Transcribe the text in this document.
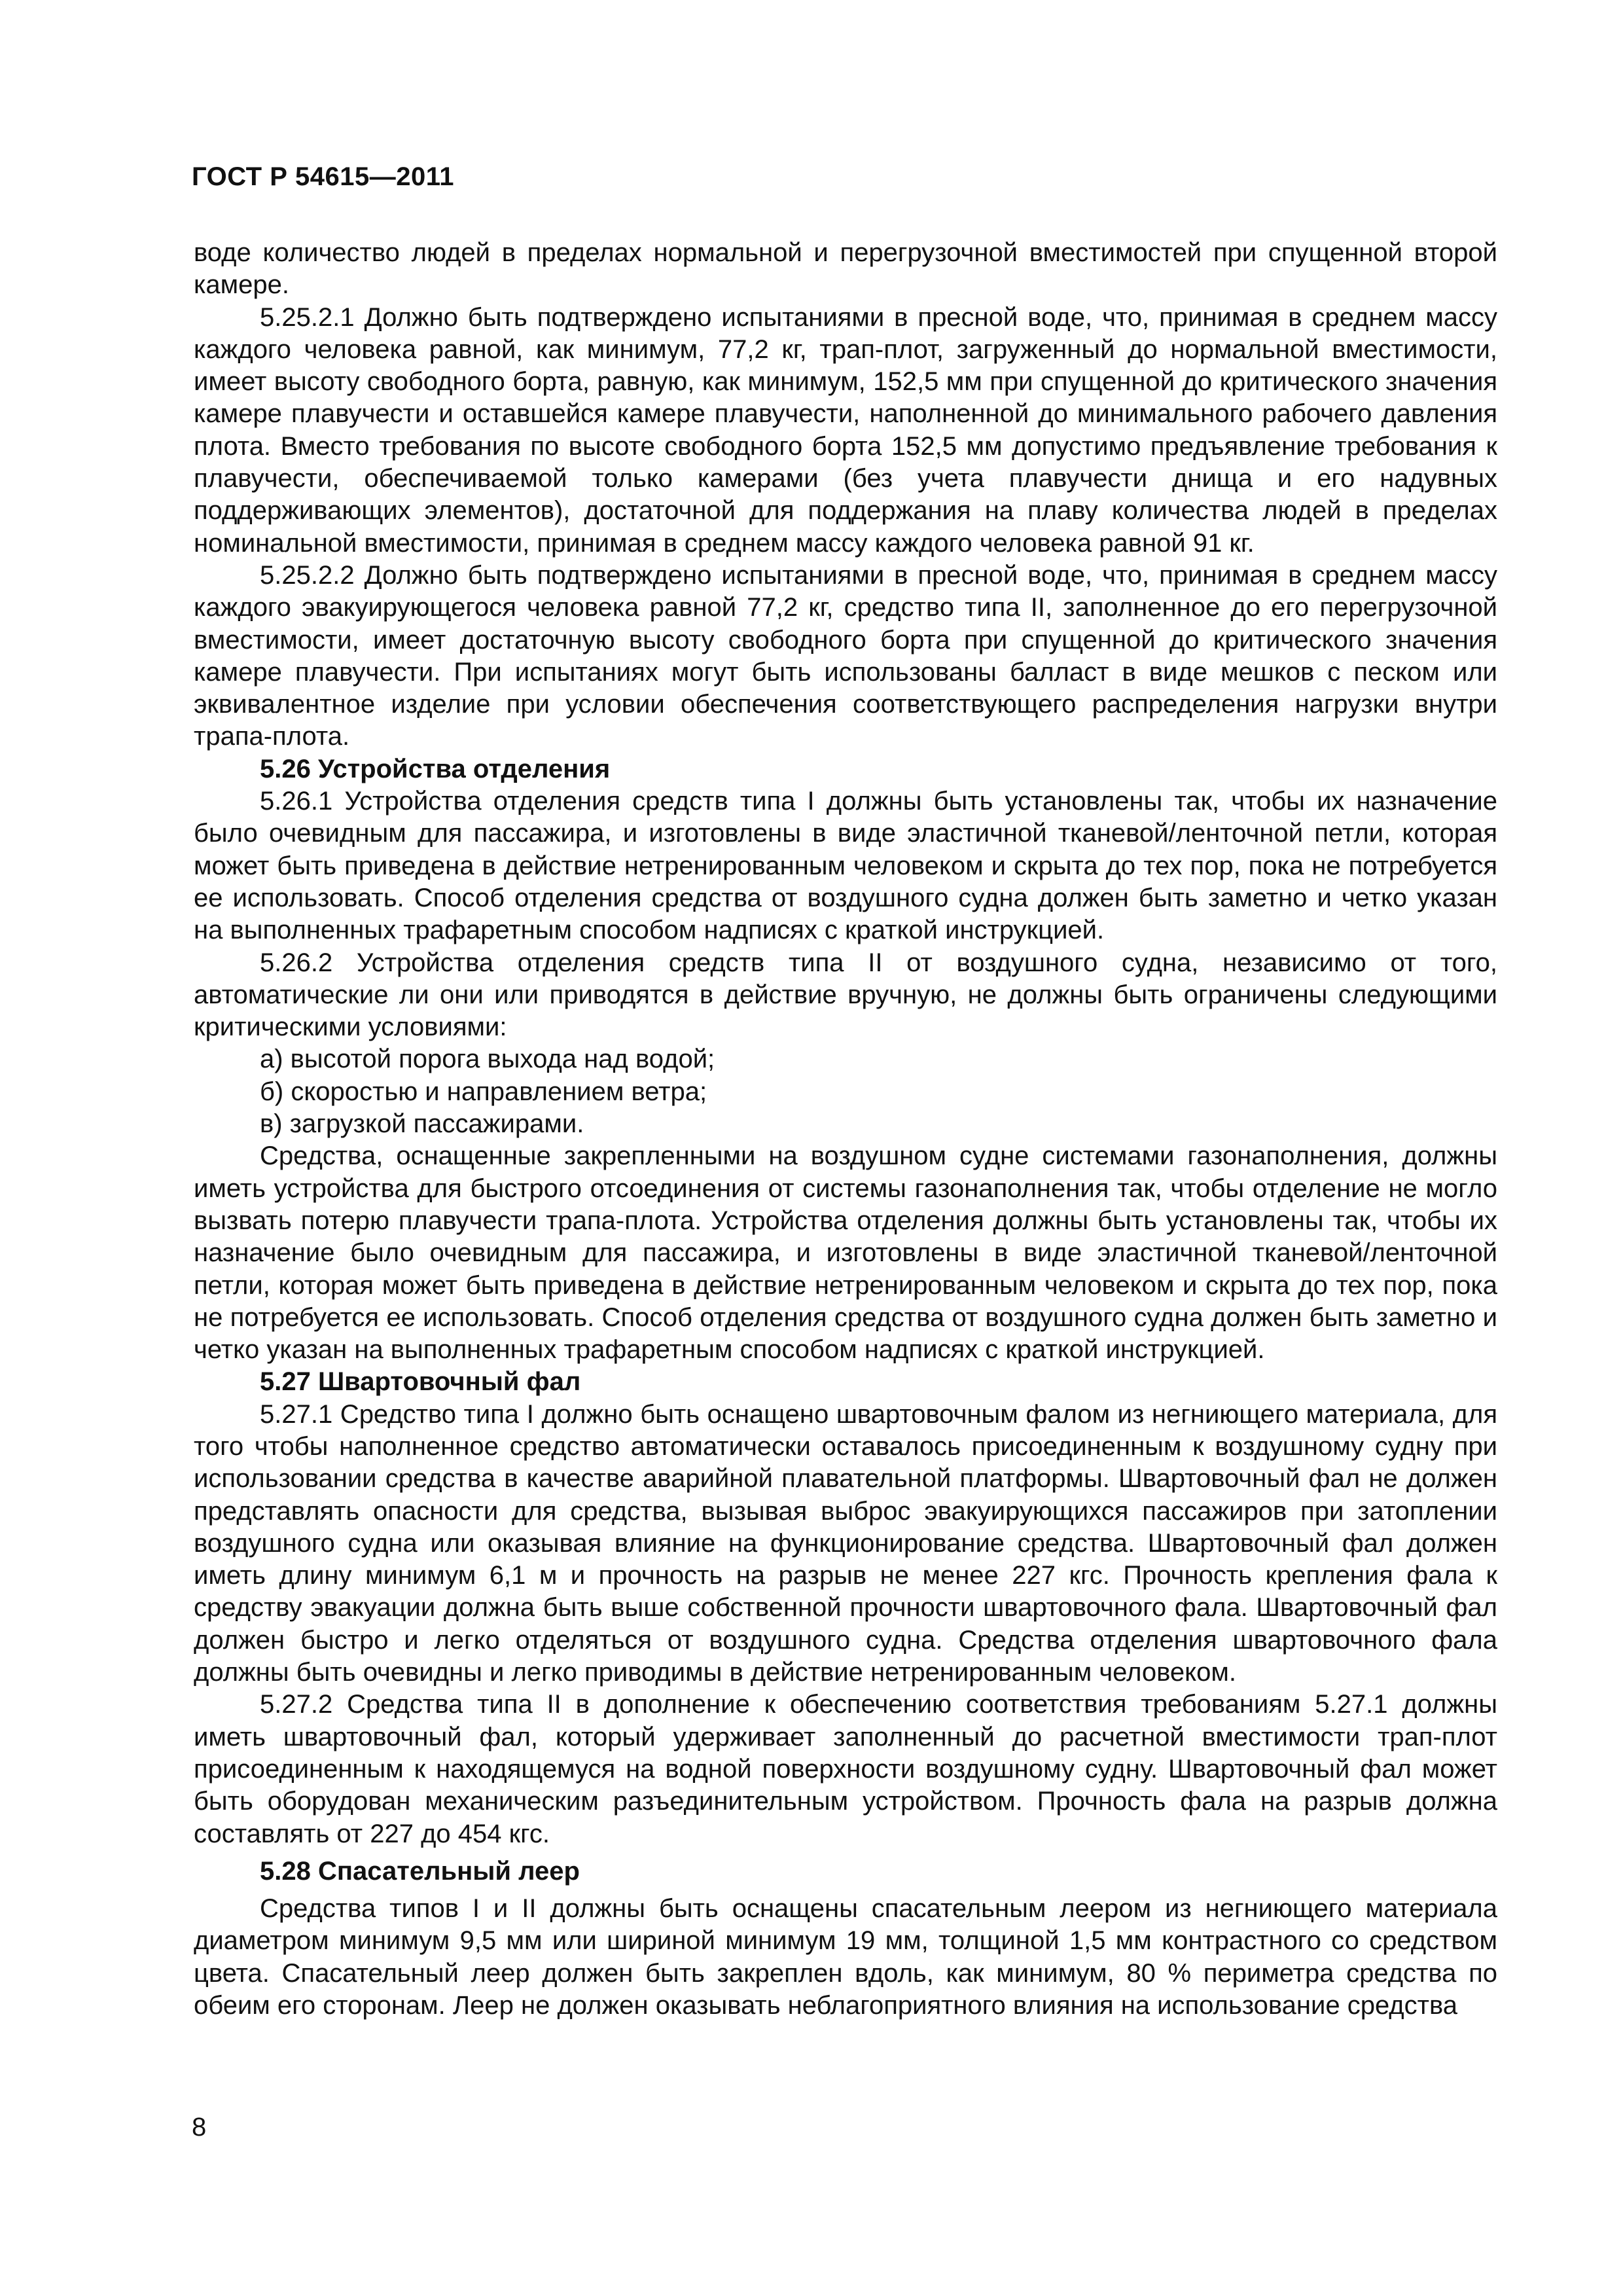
ГОСТ Р 54615—2011

воде количество людей в пределах нормальной и перегрузочной вместимостей при спущенной второй камере.

5.25.2.1 Должно быть подтверждено испытаниями в пресной воде, что, принимая в среднем массу каждого человека равной, как минимум, 77,2 кг, трап-плот, загруженный до нормальной вместимости, имеет высоту свободного борта, равную, как минимум, 152,5 мм при спущенной до критического значения камере плавучести и оставшейся камере плавучести, наполненной до минимального рабочего давления плота. Вместо требования по высоте свободного борта 152,5 мм допустимо предъявление требования к плавучести, обеспечиваемой только камерами (без учета плавучести днища и его надувных поддерживающих элементов), достаточной для поддержания на плаву количества людей в пределах номинальной вместимости, принимая в среднем массу каждого человека равной 91 кг.

5.25.2.2 Должно быть подтверждено испытаниями в пресной воде, что, принимая в среднем массу каждого эвакуирующегося человека равной 77,2 кг, средство типа II, заполненное до его перегрузочной вместимости, имеет достаточную высоту свободного борта при спущенной до критического значения камере плавучести. При испытаниях могут быть использованы балласт в виде мешков с песком или эквивалентное изделие при условии обеспечения соответствующего распределения нагрузки внутри трапа-плота.

5.26 Устройства отделения

5.26.1 Устройства отделения средств типа I должны быть установлены так, чтобы их назначение было очевидным для пассажира, и изготовлены в виде эластичной тканевой/ленточной петли, которая может быть приведена в действие нетренированным человеком и скрыта до тех пор, пока не потребуется ее использовать. Способ отделения средства от воздушного судна должен быть заметно и четко указан на выполненных трафаретным способом надписях с краткой инструкцией.

5.26.2 Устройства отделения средств типа II от воздушного судна, независимо от того, автоматические ли они или приводятся в действие вручную, не должны быть ограничены следующими критическими условиями:

а) высотой порога выхода над водой;

б) скоростью и направлением ветра;

в) загрузкой пассажирами.

Средства, оснащенные закрепленными на воздушном судне системами газонаполнения, должны иметь устройства для быстрого отсоединения от системы газонаполнения так, чтобы отделение не могло вызвать потерю плавучести трапа-плота. Устройства отделения должны быть установлены так, чтобы их назначение было очевидным для пассажира, и изготовлены в виде эластичной тканевой/ленточной петли, которая может быть приведена в действие нетренированным человеком и скрыта до тех пор, пока не потребуется ее использовать. Способ отделения средства от воздушного судна должен быть заметно и четко указан на выполненных трафаретным способом надписях с краткой инструкцией.

5.27 Швартовочный фал

5.27.1 Средство типа I должно быть оснащено швартовочным фалом из негниющего материала, для того чтобы наполненное средство автоматически оставалось присоединенным к воздушному судну при использовании средства в качестве аварийной плавательной платформы. Швартовочный фал не должен представлять опасности для средства, вызывая выброс эвакуирующихся пассажиров при затоплении воздушного судна или оказывая влияние на функционирование средства. Швартовочный фал должен иметь длину минимум 6,1 м и прочность на разрыв не менее 227 кгс. Прочность крепления фала к средству эвакуации должна быть выше собственной прочности швартовочного фала. Швартовочный фал должен быстро и легко отделяться от воздушного судна. Средства отделения швартовочного фала должны быть очевидны и легко приводимы в действие нетренированным человеком.

5.27.2 Средства типа II в дополнение к обеспечению соответствия требованиям 5.27.1 должны иметь швартовочный фал, который удерживает заполненный до расчетной вместимости трап-плот присоединенным к находящемуся на водной поверхности воздушному судну. Швартовочный фал может быть оборудован механическим разъединительным устройством. Прочность фала на разрыв должна составлять от 227 до 454 кгс.

5.28 Спасательный леер

Средства типов I и II должны быть оснащены спасательным леером из негниющего материала диаметром минимум 9,5 мм или шириной минимум 19 мм, толщиной 1,5 мм контрастного со средством цвета. Спасательный леер должен быть закреплен вдоль, как минимум, 80 % периметра средства по обеим его сторонам. Леер не должен оказывать неблагоприятного влияния на использование средства

8
